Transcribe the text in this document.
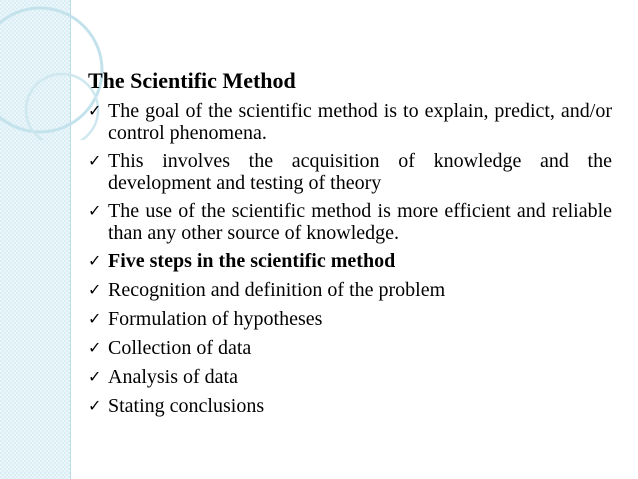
The Scientific Method
✓ The goal of the scientific method is to explain, predict, and/or control phenomena.
✓ This involves the acquisition of knowledge and the development and testing of theory
✓ The use of the scientific method is more efficient and reliable than any other source of knowledge.
✓ Five steps in the scientific method
✓ Recognition and definition of the problem
✓ Formulation of hypotheses
✓ Collection of data
✓ Analysis of data
✓ Stating conclusions
